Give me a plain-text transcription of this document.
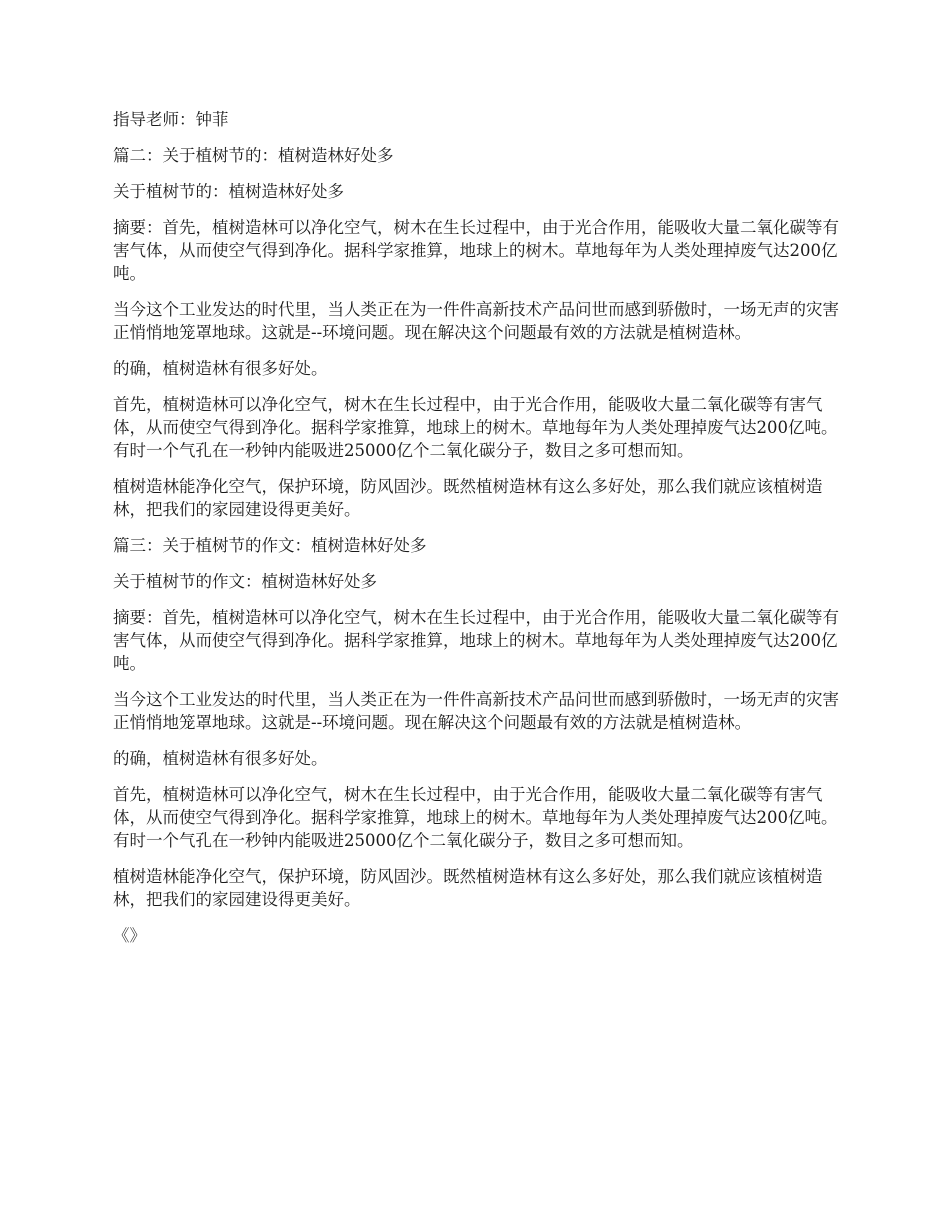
指导老师：钟菲

篇二：关于植树节的：植树造林好处多

关于植树节的：植树造林好处多

摘要：首先，植树造林可以净化空气，树木在生长过程中，由于光合作用，能吸收大量二氧化碳等有害气体，从而使空气得到净化。据科学家推算，地球上的树木。草地每年为人类处理掉废气达200亿吨。

当今这个工业发达的时代里，当人类正在为一件件高新技术产品问世而感到骄傲时，一场无声的灾害正悄悄地笼罩地球。这就是--环境问题。现在解决这个问题最有效的方法就是植树造林。

的确，植树造林有很多好处。

首先，植树造林可以净化空气，树木在生长过程中，由于光合作用，能吸收大量二氧化碳等有害气体，从而使空气得到净化。据科学家推算，地球上的树木。草地每年为人类处理掉废气达200亿吨。有时一个气孔在一秒钟内能吸进25000亿个二氧化碳分子，数目之多可想而知。

植树造林能净化空气，保护环境，防风固沙。既然植树造林有这么多好处，那么我们就应该植树造林，把我们的家园建设得更美好。

篇三：关于植树节的作文：植树造林好处多

关于植树节的作文：植树造林好处多

摘要：首先，植树造林可以净化空气，树木在生长过程中，由于光合作用，能吸收大量二氧化碳等有害气体，从而使空气得到净化。据科学家推算，地球上的树木。草地每年为人类处理掉废气达200亿吨。

当今这个工业发达的时代里，当人类正在为一件件高新技术产品问世而感到骄傲时，一场无声的灾害正悄悄地笼罩地球。这就是--环境问题。现在解决这个问题最有效的方法就是植树造林。

的确，植树造林有很多好处。

首先，植树造林可以净化空气，树木在生长过程中，由于光合作用，能吸收大量二氧化碳等有害气体，从而使空气得到净化。据科学家推算，地球上的树木。草地每年为人类处理掉废气达200亿吨。有时一个气孔在一秒钟内能吸进25000亿个二氧化碳分子，数目之多可想而知。

植树造林能净化空气，保护环境，防风固沙。既然植树造林有这么多好处，那么我们就应该植树造林，把我们的家园建设得更美好。

《》
